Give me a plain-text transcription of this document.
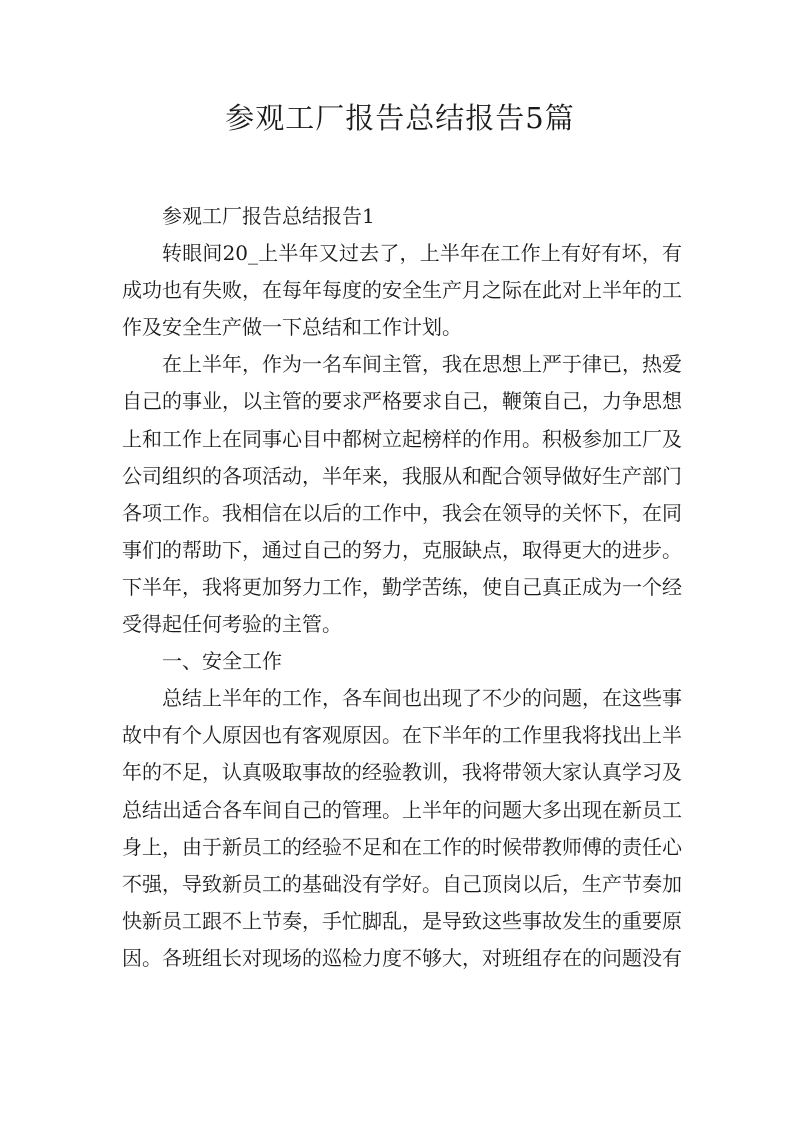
参观工厂报告总结报告5篇

参观工厂报告总结报告1

转眼间20_上半年又过去了，上半年在工作上有好有坏，有成功也有失败，在每年每度的安全生产月之际在此对上半年的工作及安全生产做一下总结和工作计划。

在上半年，作为一名车间主管，我在思想上严于律已，热爱自己的事业，以主管的要求严格要求自己，鞭策自己，力争思想上和工作上在同事心目中都树立起榜样的作用。积极参加工厂及公司组织的各项活动，半年来，我服从和配合领导做好生产部门各项工作。我相信在以后的工作中，我会在领导的关怀下，在同事们的帮助下，通过自己的努力，克服缺点，取得更大的进步。下半年，我将更加努力工作，勤学苦练，使自己真正成为一个经受得起任何考验的主管。

一、安全工作

总结上半年的工作，各车间也出现了不少的问题，在这些事故中有个人原因也有客观原因。在下半年的工作里我将找出上半年的不足，认真吸取事故的经验教训，我将带领大家认真学习及总结出适合各车间自己的管理。上半年的问题大多出现在新员工身上，由于新员工的经验不足和在工作的时候带教师傅的责任心不强，导致新员工的基础没有学好。自己顶岗以后，生产节奏加快新员工跟不上节奏，手忙脚乱，是导致这些事故发生的重要原因。各班组长对现场的巡检力度不够大，对班组存在的问题没有
